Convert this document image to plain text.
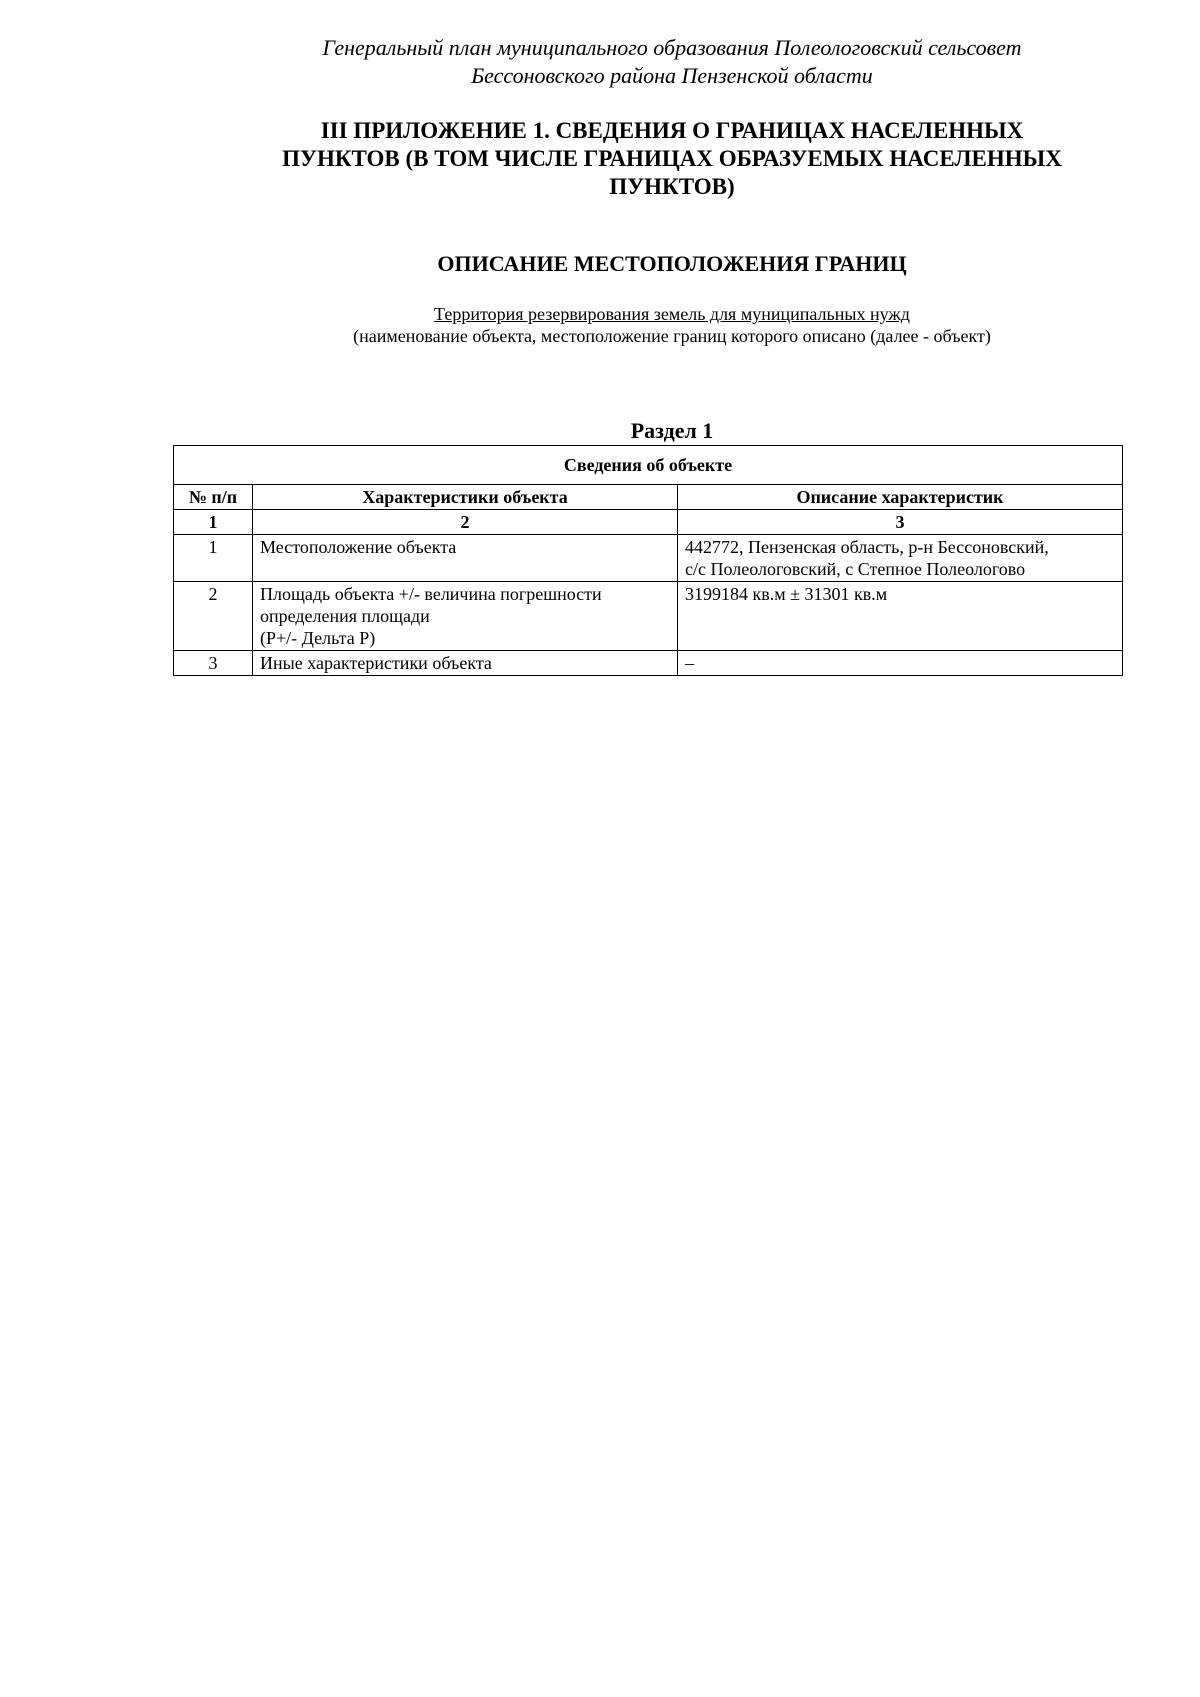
Генеральный план муниципального образования Полеологовский сельсовет
Бессоновского района Пензенской области
III ПРИЛОЖЕНИЕ 1. СВЕДЕНИЯ О ГРАНИЦАХ НАСЕЛЕННЫХ
ПУНКТОВ (В ТОМ ЧИСЛЕ ГРАНИЦАХ ОБРАЗУЕМЫХ НАСЕЛЕННЫХ
ПУНКТОВ)
ОПИСАНИЕ МЕСТОПОЛОЖЕНИЯ ГРАНИЦ
Территория резервирования земель для муниципальных нужд
(наименование объекта, местоположение границ которого описано (далее - объект)
Раздел 1
Сведения об объекте		
№ п/п	Характеристики объекта	Описание характеристик
1	2	3
1	Местоположение объекта	442772, Пензенская область, р-н Бессоновский,
с/с Полеологовский, с Степное Полеологово

2	Площадь объекта +/- величина погрешности
определения площади
(Р+/- Дельта Р)	3199184 кв.м ± 31301 кв.м

3	Иные характеристики объекта	–
